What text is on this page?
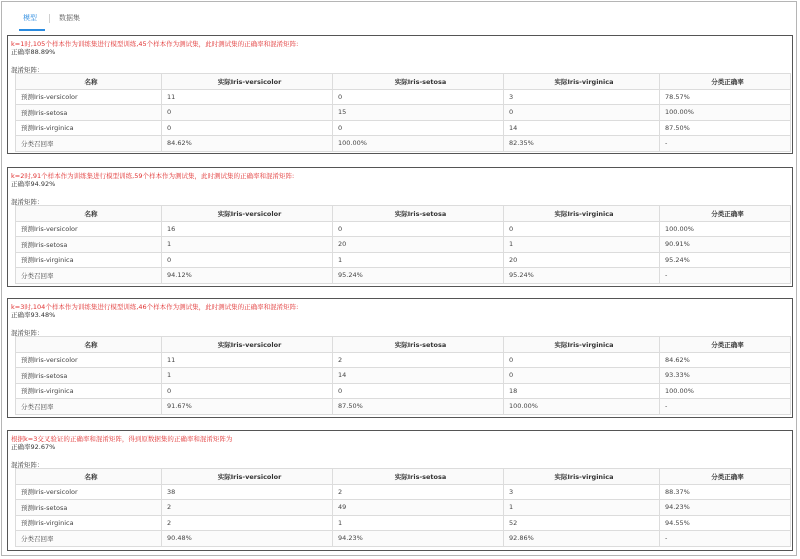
模型	数据集
k=1时,105个样本作为训练集进行模型训练,45个样本作为测试集，此时测试集的正确率和混淆矩阵:
正确率88.89%
混淆矩阵：
名称	实际Iris-versicolor	实际Iris-setosa	实际Iris-virginica	分类正确率
预测Iris-versicolor	11	0	3	78.57%
预测Iris-setosa	0	15	0	100.00%
预测Iris-virginica	0	0	14	87.50%
分类召回率	84.62%	100.00%	82.35%	-
k=2时,91个样本作为训练集进行模型训练,59个样本作为测试集，此时测试集的正确率和混淆矩阵:
正确率94.92%
混淆矩阵：
名称	实际Iris-versicolor	实际Iris-setosa	实际Iris-virginica	分类正确率
预测Iris-versicolor	16	0	0	100.00%
预测Iris-setosa	1	20	1	90.91%
预测Iris-virginica	0	1	20	95.24%
分类召回率	94.12%	95.24%	95.24%	-
k=3时,104个样本作为训练集进行模型训练,46个样本作为测试集，此时测试集的正确率和混淆矩阵:
正确率93.48%
混淆矩阵：
名称	实际Iris-versicolor	实际Iris-setosa	实际Iris-virginica	分类正确率
预测Iris-versicolor	11	2	0	84.62%
预测Iris-setosa	1	14	0	93.33%
预测Iris-virginica	0	0	18	100.00%
分类召回率	91.67%	87.50%	100.00%	-
根据k=3交叉验证的正确率和混淆矩阵，得到原数据集的正确率和混淆矩阵为
正确率92.67%
混淆矩阵：
名称	实际Iris-versicolor	实际Iris-setosa	实际Iris-virginica	分类正确率
预测Iris-versicolor	38	2	3	88.37%
预测Iris-setosa	2	49	1	94.23%
预测Iris-virginica	2	1	52	94.55%
分类召回率	90.48%	94.23%	92.86%	-
